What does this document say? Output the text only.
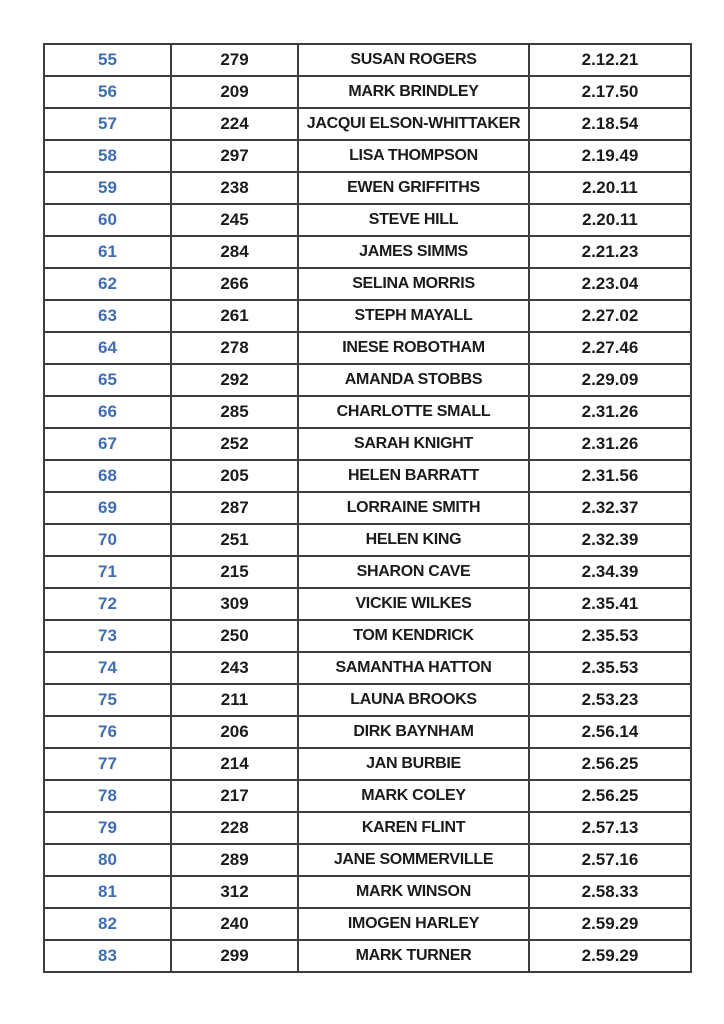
55	279	SUSAN ROGERS	2.12.21
56	209	MARK BRINDLEY	2.17.50
57	224	JACQUI ELSON-WHITTAKER	2.18.54
58	297	LISA THOMPSON	2.19.49
59	238	EWEN GRIFFITHS	2.20.11
60	245	STEVE HILL	2.20.11
61	284	JAMES SIMMS	2.21.23
62	266	SELINA MORRIS	2.23.04
63	261	STEPH MAYALL	2.27.02
64	278	INESE ROBOTHAM	2.27.46
65	292	AMANDA STOBBS	2.29.09
66	285	CHARLOTTE SMALL	2.31.26
67	252	SARAH KNIGHT	2.31.26
68	205	HELEN BARRATT	2.31.56
69	287	LORRAINE SMITH	2.32.37
70	251	HELEN KING	2.32.39
71	215	SHARON CAVE	2.34.39
72	309	VICKIE WILKES	2.35.41
73	250	TOM KENDRICK	2.35.53
74	243	SAMANTHA HATTON	2.35.53
75	211	LAUNA BROOKS	2.53.23
76	206	DIRK BAYNHAM	2.56.14
77	214	JAN BURBIE	2.56.25
78	217	MARK COLEY	2.56.25
79	228	KAREN FLINT	2.57.13
80	289	JANE SOMMERVILLE	2.57.16
81	312	MARK WINSON	2.58.33
82	240	IMOGEN HARLEY	2.59.29
83	299	MARK TURNER	2.59.29
